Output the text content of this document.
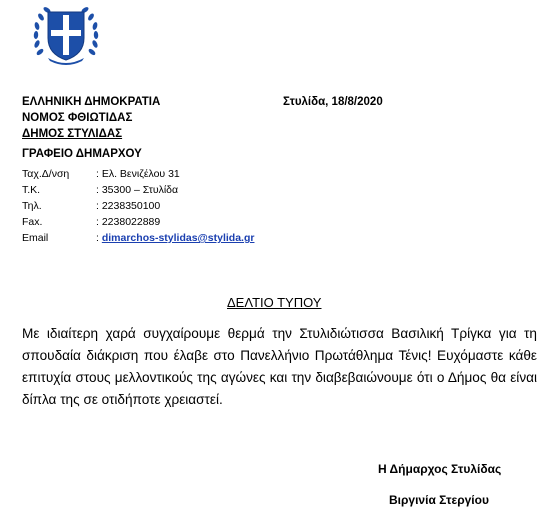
ΕΛΛΗΝΙΚΗ ΔΗΜΟΚΡΑΤΙΑ
ΝΟΜΟΣ ΦΘΙΩΤΙΔΑΣ
ΔΗΜΟΣ ΣΤΥΛΙΔΑΣ
ΓΡΑΦΕΙΟ ΔΗΜΑΡΧΟΥ
Στυλίδα, 18/8/2020
Ταχ.Δ/νση	: Ελ. Βενιζέλου 31
Τ.Κ.	: 35300 – Στυλίδα
Τηλ.	: 2238350100
Fax.	: 2238022889
Email	: dimarchos-stylidas@stylida.gr
ΔΕΛΤΙΟ ΤΥΠΟΥ
Με ιδιαίτερη χαρά συγχαίρουμε θερμά την Στυλιδιώτισσα Βασιλική Τρίγκα για τη σπουδαία διάκριση που έλαβε στο Πανελλήνιο Πρωτάθλημα Τένις! Ευχόμαστε κάθε επιτυχία στους μελλοντικούς της αγώνες και την διαβεβαιώνουμε ότι ο Δήμος θα είναι δίπλα της σε οτιδήποτε χρειαστεί.
Η Δήμαρχος Στυλίδας
Βιργινία Στεργίου
